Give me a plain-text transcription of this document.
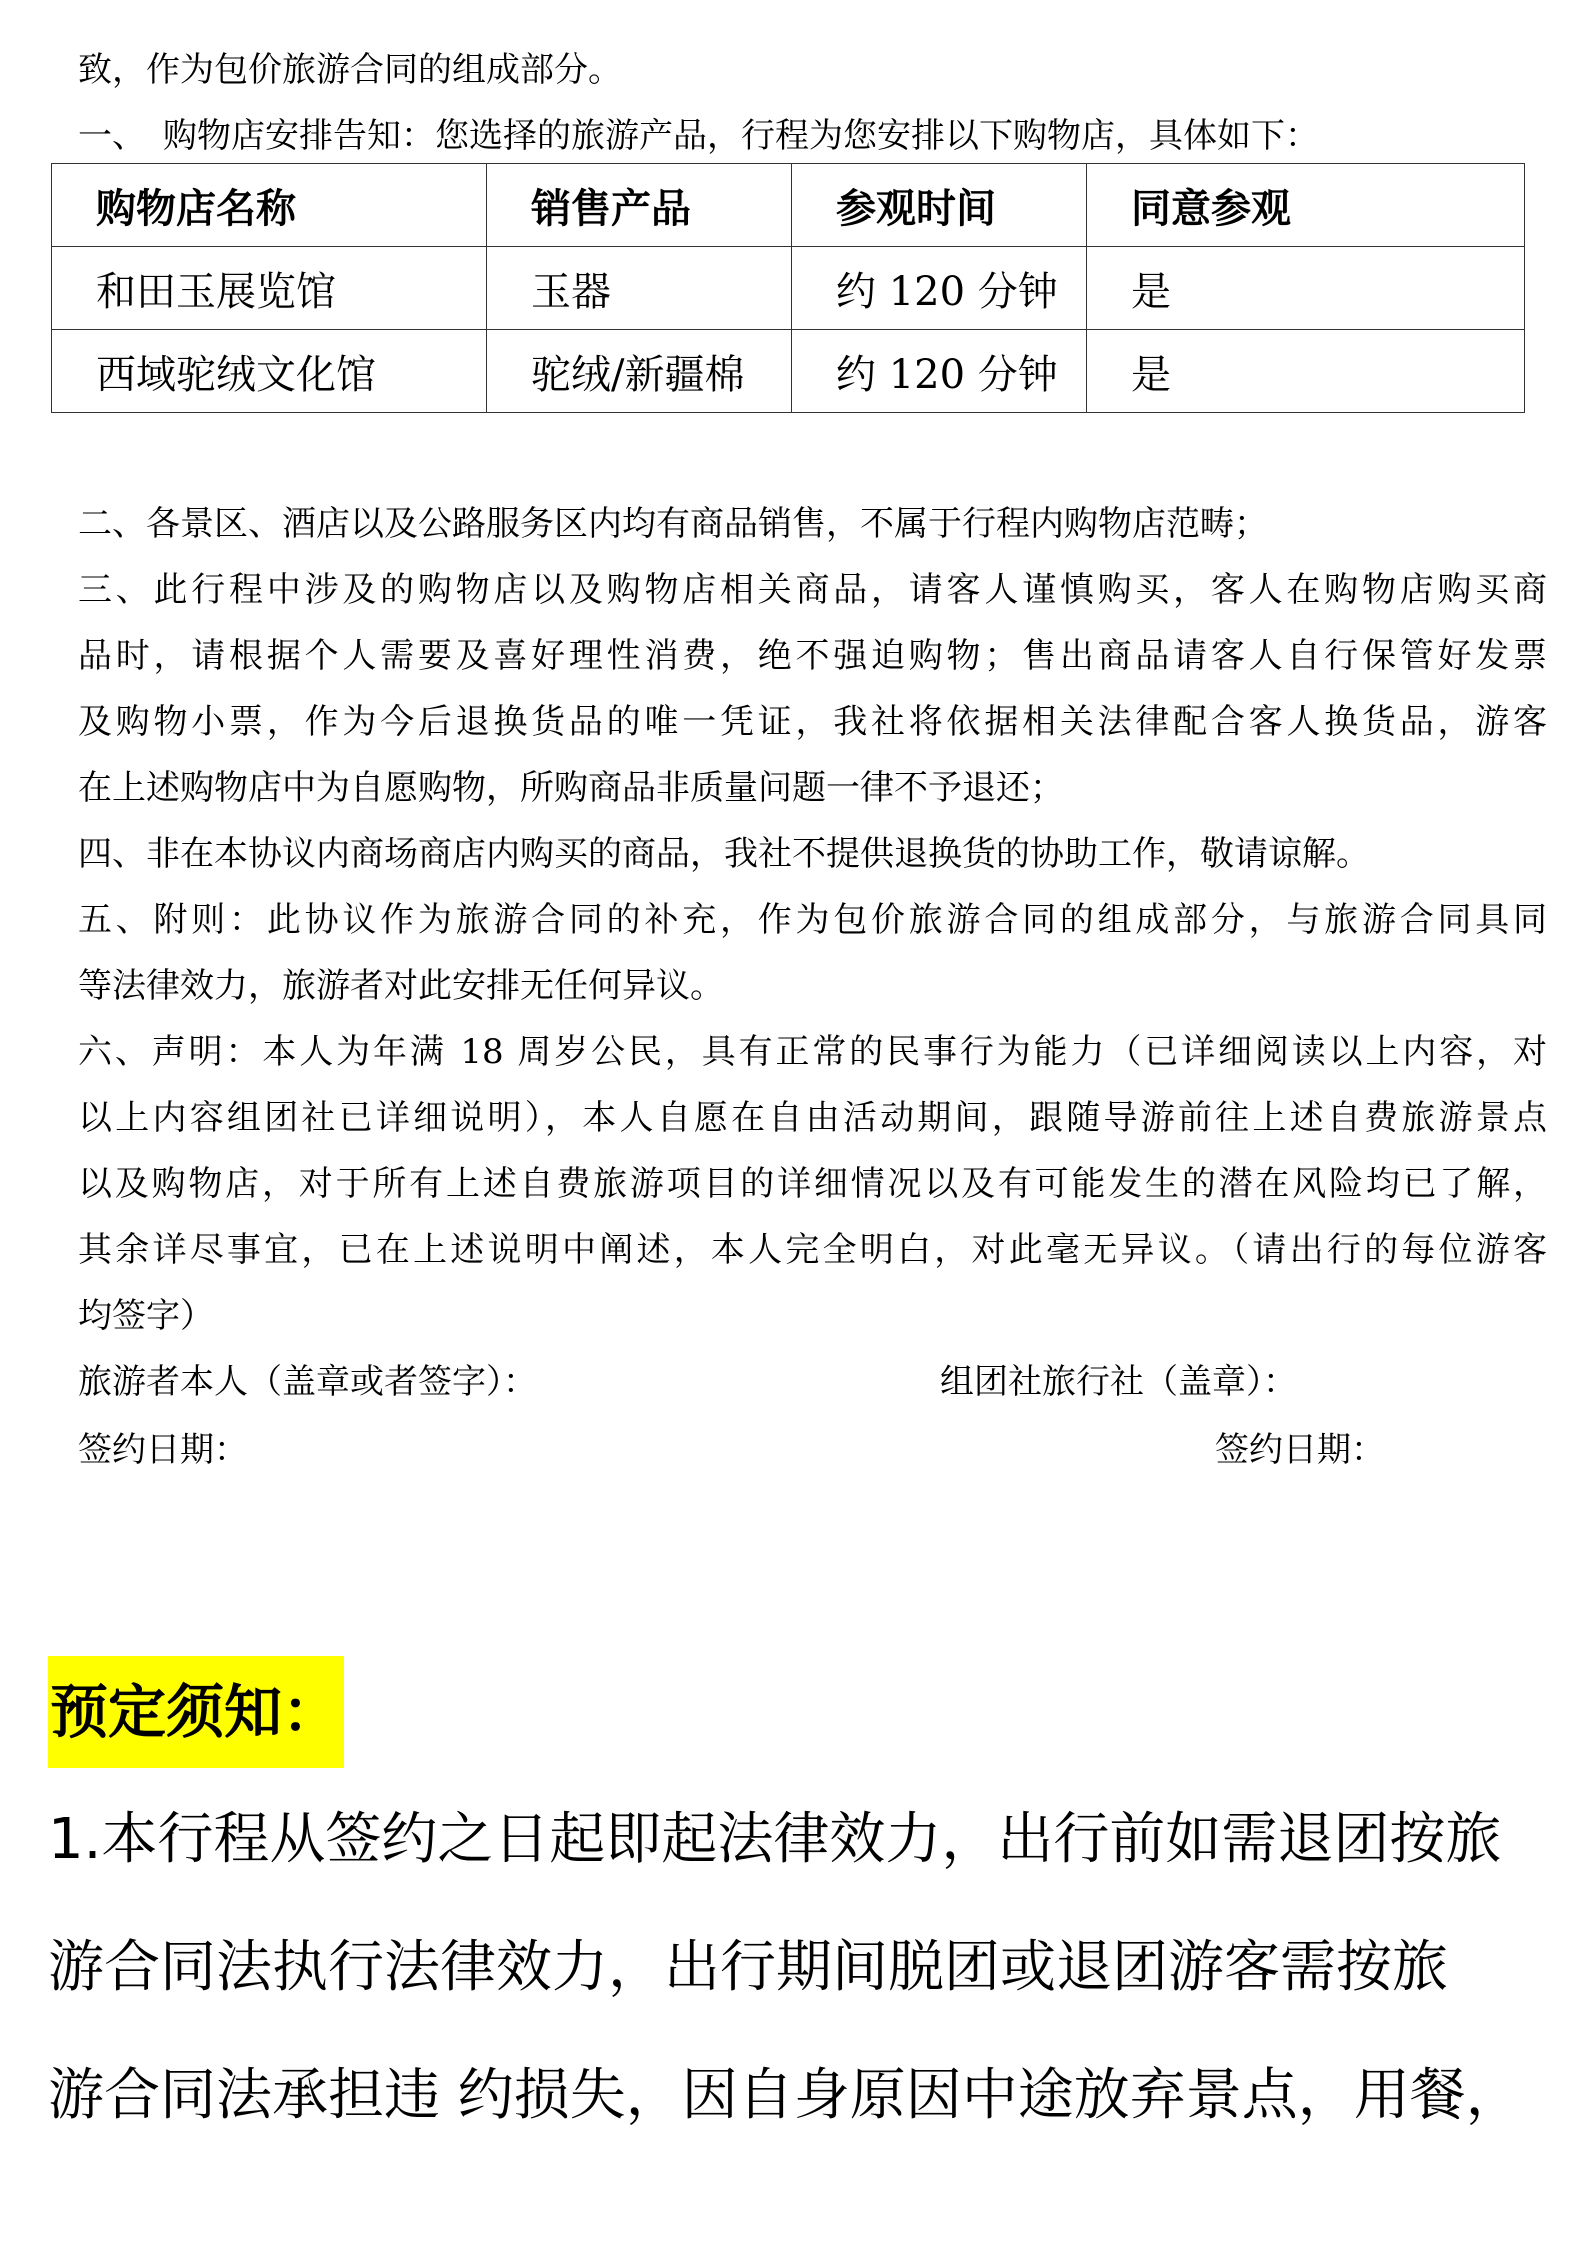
致，作为包价旅游合同的组成部分。
一、　购物店安排告知：您选择的旅游产品，行程为您安排以下购物店，具体如下：
购物店名称	销售产品	参观时间	同意参观
和田玉展览馆	玉器	约 120 分钟	是
西域驼绒文化馆	驼绒/新疆棉	约 120 分钟	是
二、各景区、酒店以及公路服务区内均有商品销售，不属于行程内购物店范畴；
三、此行程中涉及的购物店以及购物店相关商品，请客人谨慎购买，客人在购物店购买商
品时，请根据个人需要及喜好理性消费，绝不强迫购物；售出商品请客人自行保管好发票
及购物小票，作为今后退换货品的唯一凭证，我社将依据相关法律配合客人换货品，游客
在上述购物店中为自愿购物，所购商品非质量问题一律不予退还；
四、非在本协议内商场商店内购买的商品，我社不提供退换货的协助工作，敬请谅解。
五、附则：此协议作为旅游合同的补充，作为包价旅游合同的组成部分，与旅游合同具同
等法律效力，旅游者对此安排无任何异议。
六、声明：本人为年满 18 周岁公民，具有正常的民事行为能力（已详细阅读以上内容，对
以上内容组团社已详细说明），本人自愿在自由活动期间，跟随导游前往上述自费旅游景点
以及购物店，对于所有上述自费旅游项目的详细情况以及有可能发生的潜在风险均已了解，
其余详尽事宜，已在上述说明中阐述，本人完全明白，对此毫无异议。（请出行的每位游客
均签字）
旅游者本人（盖章或者签字）：	组团社旅行社（盖章）：
签约日期：	签约日期：
预定须知：
1.本行程从签约之日起即起法律效力，出行前如需退团按旅
游合同法执行法律效力，出行期间脱团或退团游客需按旅
游合同法承担违 约损失，因自身原因中途放弃景点，用餐，
